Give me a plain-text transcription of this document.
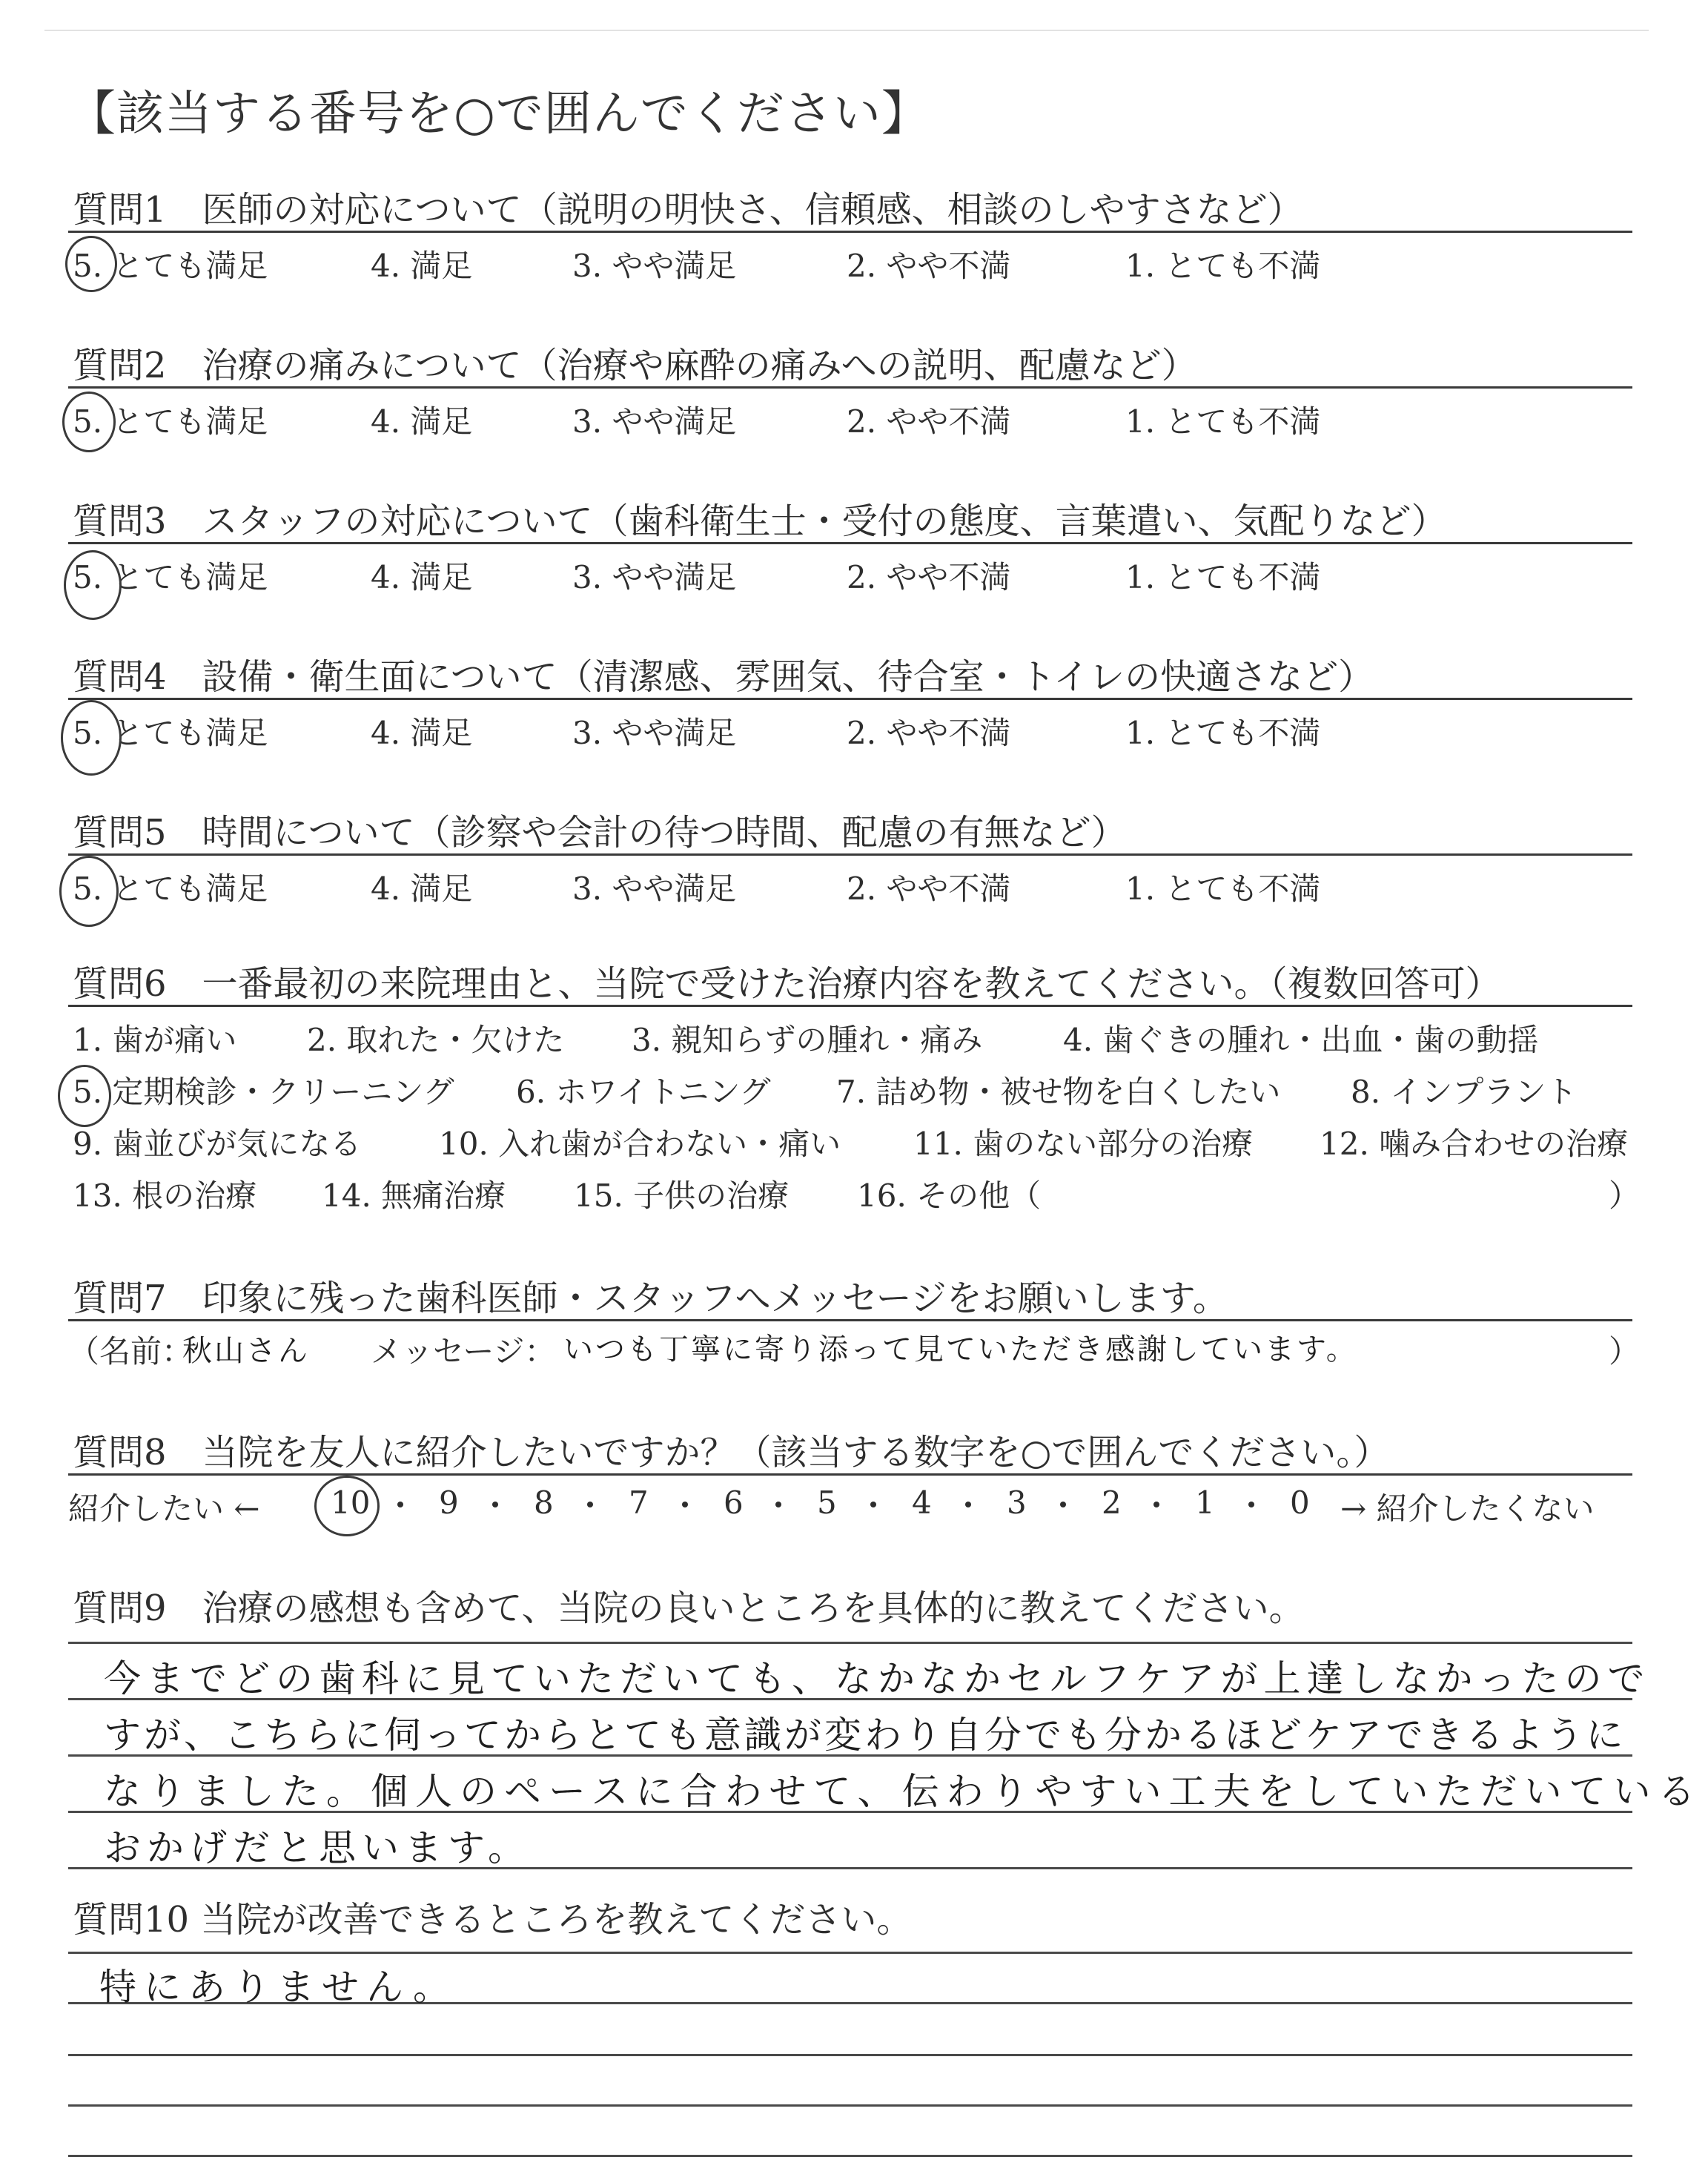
【該当する番号を○で囲んでください】
質問1　医師の対応について（説明の明快さ、信頼感、相談のしやすさなど）
5. とても満足	4. 満足	3. やや満足	2. やや不満	1. とても不満
質問2　治療の痛みについて（治療や麻酔の痛みへの説明、配慮など）
5. とても満足	4. 満足	3. やや満足	2. やや不満	1. とても不満
質問3　スタッフの対応について（歯科衛生士・受付の態度、言葉遣い、気配りなど）
5. とても満足	4. 満足	3. やや満足	2. やや不満	1. とても不満
質問4　設備・衛生面について（清潔感、雰囲気、待合室・トイレの快適さなど）
5. とても満足	4. 満足	3. やや満足	2. やや不満	1. とても不満
質問5　時間について（診察や会計の待つ時間、配慮の有無など）
5. とても満足	4. 満足	3. やや満足	2. やや不満	1. とても不満
質問6　一番最初の来院理由と、当院で受けた治療内容を教えてください。（複数回答可）
1. 歯が痛い 2. 取れた・欠けた 3. 親知らずの腫れ・痛み	4. 歯ぐきの腫れ・出血・歯の動揺
5. 定期検診・クリーニング 6. ホワイトニング 7. 詰め物・被せ物を白くしたい 8. インプラント
9. 歯並びが気になる 10. 入れ歯が合わない・痛い 11. 歯のない部分の治療 12. 噛み合わせの治療
13. 根の治療 14. 無痛治療 15. 子供の治療 16. その他（	）
質問7　印象に残った歯科医師・スタッフへメッセージをお願いします。
（名前：
秋山さん メッセージ： いつも丁寧に寄り添って見ていただき感謝しています。	）
質問8　当院を友人に紹介したいですか？（該当する数字を○で囲んでください。）
紹介したい ← 10 9 8 7 6 5 4 3 2 1 0 → 紹介したくない
質問9　治療の感想も含めて、当院の良いところを具体的に教えてください。
今までどの歯科に見ていただいても、なかなかセルフケアが上達しなかったので
すが、こちらに伺ってからとても意識が変わり自分でも分かるほどケアできるように
なりました。個人のペースに合わせて、伝わりやすい工夫をしていただいている
おかげだと思います。
質問10 当院が改善できるところを教えてください。
特にありません。
